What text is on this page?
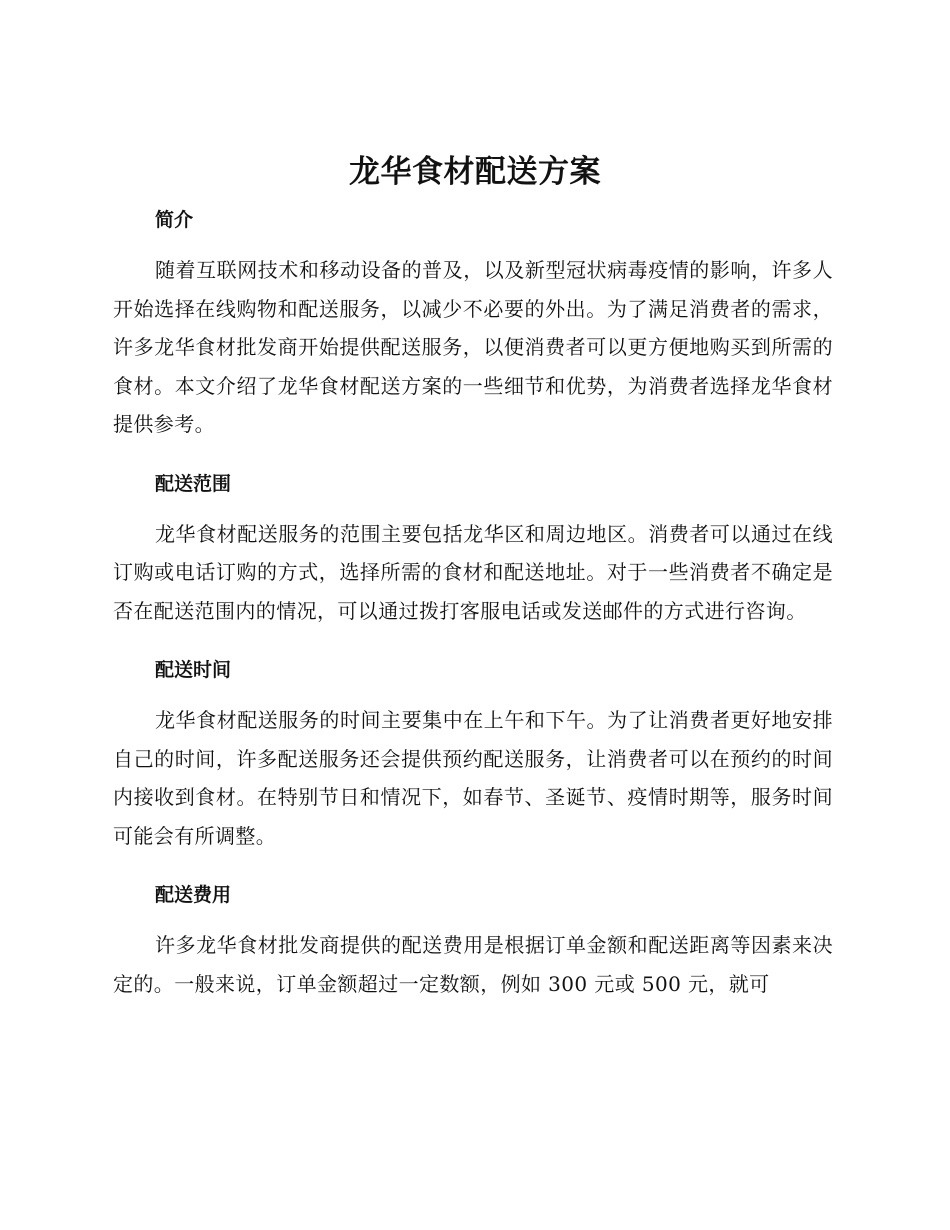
龙华食材配送方案
简介

随着互联网技术和移动设备的普及，以及新型冠状病毒疫情的影响，许多人开始选择在线购物和配送服务，以减少不必要的外出。为了满足消费者的需求，许多龙华食材批发商开始提供配送服务，以便消费者可以更方便地购买到所需的食材。本文介绍了龙华食材配送方案的一些细节和优势，为消费者选择龙华食材提供参考。

配送范围

龙华食材配送服务的范围主要包括龙华区和周边地区。消费者可以通过在线订购或电话订购的方式，选择所需的食材和配送地址。对于一些消费者不确定是否在配送范围内的情况，可以通过拨打客服电话或发送邮件的方式进行咨询。

配送时间

龙华食材配送服务的时间主要集中在上午和下午。为了让消费者更好地安排自己的时间，许多配送服务还会提供预约配送服务，让消费者可以在预约的时间内接收到食材。在特别节日和情况下，如春节、圣诞节、疫情时期等，服务时间可能会有所调整。

配送费用

许多龙华食材批发商提供的配送费用是根据订单金额和配送距离等因素来决定的。一般来说，订单金额超过一定数额，例如 300 元或 500 元，就可
